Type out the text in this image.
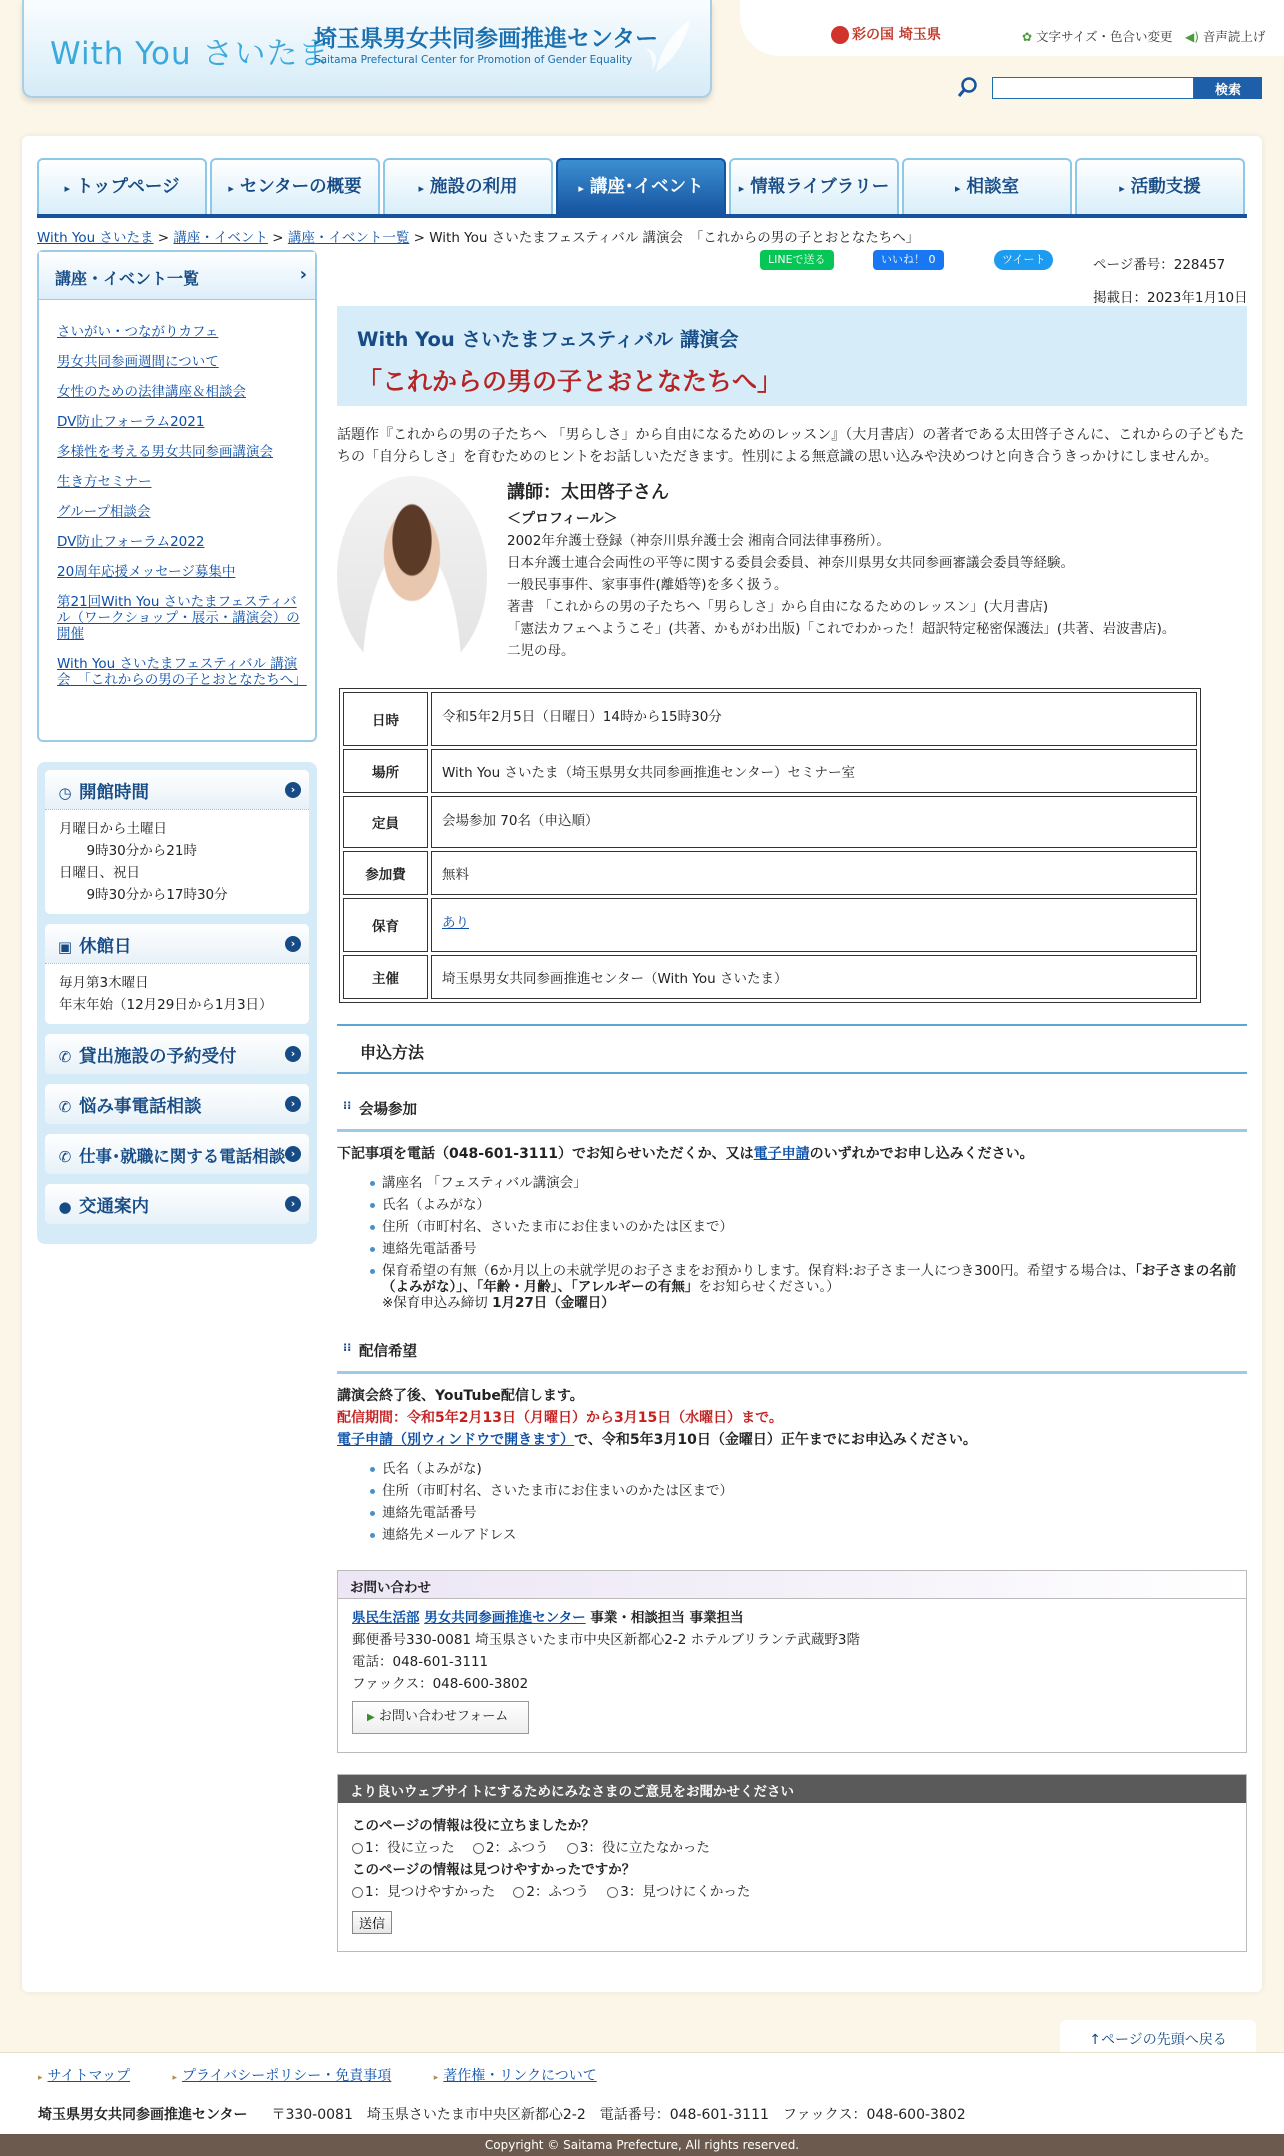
With You さいたま
埼玉県男女共同参画推進センター
Saitama Prefectural Center for Promotion of Gender Equality
彩の国 埼玉県	✿ 文字サイズ・色合い変更 ◀) 音声読上げ
検索
▸ トップページ	▸ センターの概要	▸ 施設の利用	▸ 講座･イベント	▸ 情報ライブラリー	▸ 相談室	▸ 活動支援
With You さいたま > 講座・イベント > 講座・イベント一覧 > With You さいたまフェスティバル 講演会　「これからの男の子とおとなたちへ」
講座・イベント一覧	›
さいがい・つながりカフェ
男女共同参画週間について
女性のための法律講座＆相談会
DV防止フォーラム2021
多様性を考える男女共同参画講演会
生き方セミナー
グループ相談会
DV防止フォーラム2022
20周年応援メッセージ募集中
第21回With You さいたまフェスティバル（ワークショップ・展示・講演会）の開催
With You さいたまフェスティバル 講演会　「これからの男の子とおとなたちへ」
◷ 開館時間	›
月曜日から土曜日
　9時30分から21時
日曜日、祝日
　9時30分から17時30分
▣ 休館日	›
毎月第3木曜日
年末年始（12月29日から1月3日）
✆ 貸出施設の予約受付	›
✆ 悩み事電話相談	›
✆ 仕事･就職に関する電話相談 ›
● 交通案内	›
LINEで送る	いいね！ 0	ツイート	ページ番号：228457
掲載日：2023年1月10日
With You さいたまフェスティバル 講演会
「これからの男の子とおとなたちへ」
話題作『これからの男の子たちへ 「男らしさ」から自由になるためのレッスン』（大月書店）の著者である太田啓子さんに、これからの子どもたちの「自分らしさ」を育むためのヒントをお話しいただきます。性別による無意識の思い込みや決めつけと向き合うきっかけにしませんか。
講師：太田啓子さん
＜プロフィール＞
2002年弁護士登録（神奈川県弁護士会 湘南合同法律事務所）。
日本弁護士連合会両性の平等に関する委員会委員、神奈川県男女共同参画審議会委員等経験。
一般民事事件、家事事件(離婚等)を多く扱う。
著書 「これからの男の子たちへ「男らしさ」から自由になるためのレッスン」(大月書店)
「憲法カフェへようこそ」(共著、かもがわ出版)「これでわかった！超訳特定秘密保護法」(共著、岩波書店)。
二児の母。
日時	令和5年2月5日（日曜日）14時から15時30分
場所	With You さいたま（埼玉県男女共同参画推進センター）セミナー室
定員	会場参加 70名（申込順）
参加費	無料
保育	あり
主催	埼玉県男女共同参画推進センター（With You さいたま）
申込方法
⁝⁝ 会場参加
下記事項を電話（048-601-3111）でお知らせいただくか、又は電子申請のいずれかでお申し込みください。
講座名 「フェスティバル講演会」
氏名（よみがな）
住所（市町村名、さいたま市にお住まいのかたは区まで）
連絡先電話番号
保育希望の有無（6か月以上の未就学児のお子さまをお預かりします。保育料:お子さま一人につき300円。希望する場合は、「お子さまの名前（よみがな）」、「年齢・月齢」、「アレルギーの有無」をお知らせください。）
※保育申込み締切 1月27日（金曜日）
⁝⁝ 配信希望
講演会終了後、YouTube配信します。
配信期間：令和5年2月13日（月曜日）から3月15日（水曜日）まで。
電子申請（別ウィンドウで開きます）で、令和5年3月10日（金曜日）正午までにお申込みください。
氏名（よみがな)
住所（市町村名、さいたま市にお住まいのかたは区まで）
連絡先電話番号
連絡先メールアドレス
お問い合わせ
県民生活部 男女共同参画推進センター 事業・相談担当 事業担当
郵便番号330-0081 埼玉県さいたま市中央区新都心2-2 ホテルブリランテ武蔵野3階
電話：048-601-3111
ファックス：048-600-3802
▶ お問い合わせフォーム
より良いウェブサイトにするためにみなさまのご意見をお聞かせください
このページの情報は役に立ちましたか？
1：役に立った 2：ふつう 3：役に立たなかった
このページの情報は見つけやすかったですか？
1：見つけやすかった 2：ふつう 3：見つけにくかった
送信
↑ページの先頭へ戻る
▸ サイトマップ	▸ プライバシーポリシー・免責事項	▸ 著作権・リンクについて
埼玉県男女共同参画推進センター 〒330-0081　埼玉県さいたま市中央区新都心2-2　電話番号：048-601-3111　ファックス：048-600-3802
Copyright © Saitama Prefecture, All rights reserved.
